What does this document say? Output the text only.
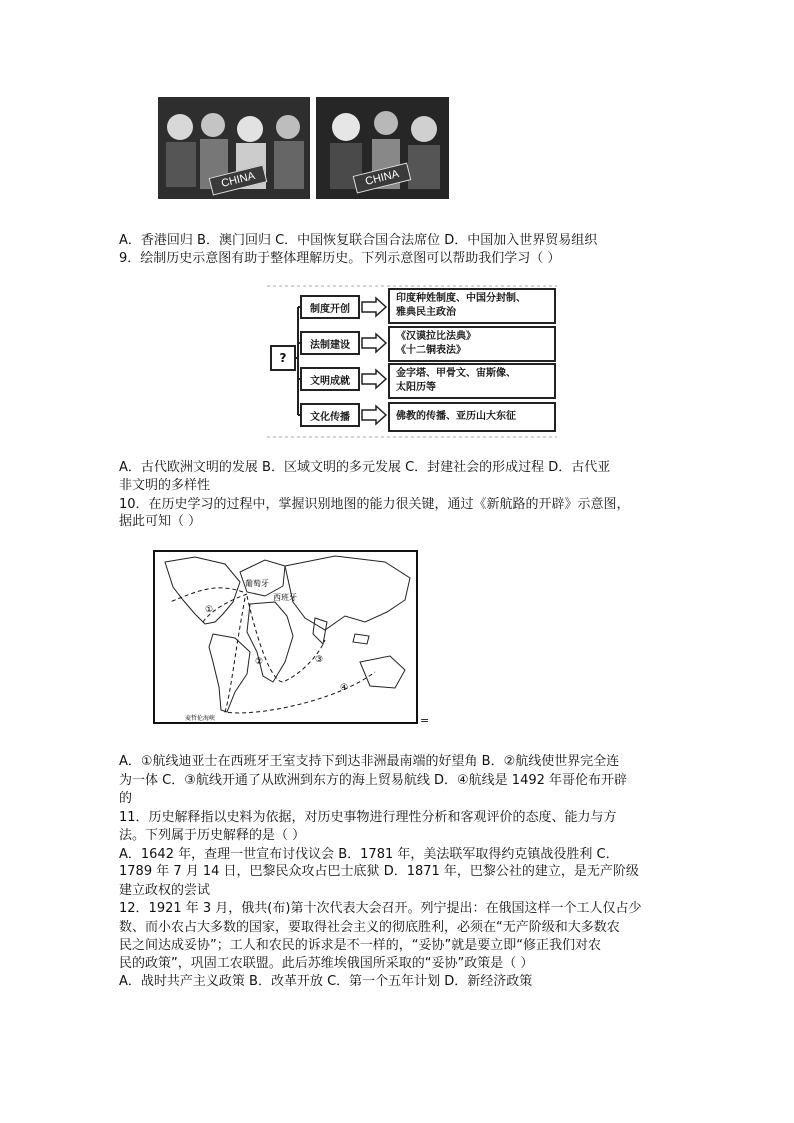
CHINA	CHINA
A．香港回归 B．澳门回归 C．中国恢复联合国合法席位 D．中国加入世界贸易组织
9．绘制历史示意图有助于整体理解历史。下列示意图可以帮助我们学习（ ）
?
制度开创
法制建设
文明成就
文化传播
印度种姓制度、中国分封制、
雅典民主政治
《汉谟拉比法典》
《十二铜表法》
金字塔、甲骨文、宙斯像、
太阳历等
佛教的传播、亚历山大东征
A．古代欧洲文明的发展 B．区域文明的多元发展 C．封建社会的形成过程 D．古代亚
非文明的多样性
10．在历史学习的过程中，掌握识别地图的能力很关键，通过《新航路的开辟》示意图，
据此可知（ ）
葡萄牙
西班牙
①
②	③
④
麦哲伦海峡	=
A．①航线迪亚士在西班牙王室支持下到达非洲最南端的好望角 B．②航线使世界完全连
为一体 C．③航线开通了从欧洲到东方的海上贸易航线 D．④航线是 1492 年哥伦布开辟
的
11．历史解释指以史料为依据，对历史事物进行理性分析和客观评价的态度、能力与方
法。下列属于历史解释的是（ ）
A．1642 年，查理一世宣布讨伐议会 B．1781 年，美法联军取得约克镇战役胜利 C．
1789 年 7 月 14 日，巴黎民众攻占巴士底狱 D．1871 年，巴黎公社的建立，是无产阶级
建立政权的尝试
12．1921 年 3 月，俄共(布)第十次代表大会召开。列宁提出：在俄国这样一个工人仅占少
数、而小农占大多数的国家，要取得社会主义的彻底胜利，必须在“无产阶级和大多数农
民之间达成妥协”；工人和农民的诉求是不一样的，“妥协”就是要立即“修正我们对农
民的政策”，巩固工农联盟。此后苏维埃俄国所采取的“妥协”政策是（ ）
A．战时共产主义政策 B．改革开放 C．第一个五年计划 D．新经济政策
